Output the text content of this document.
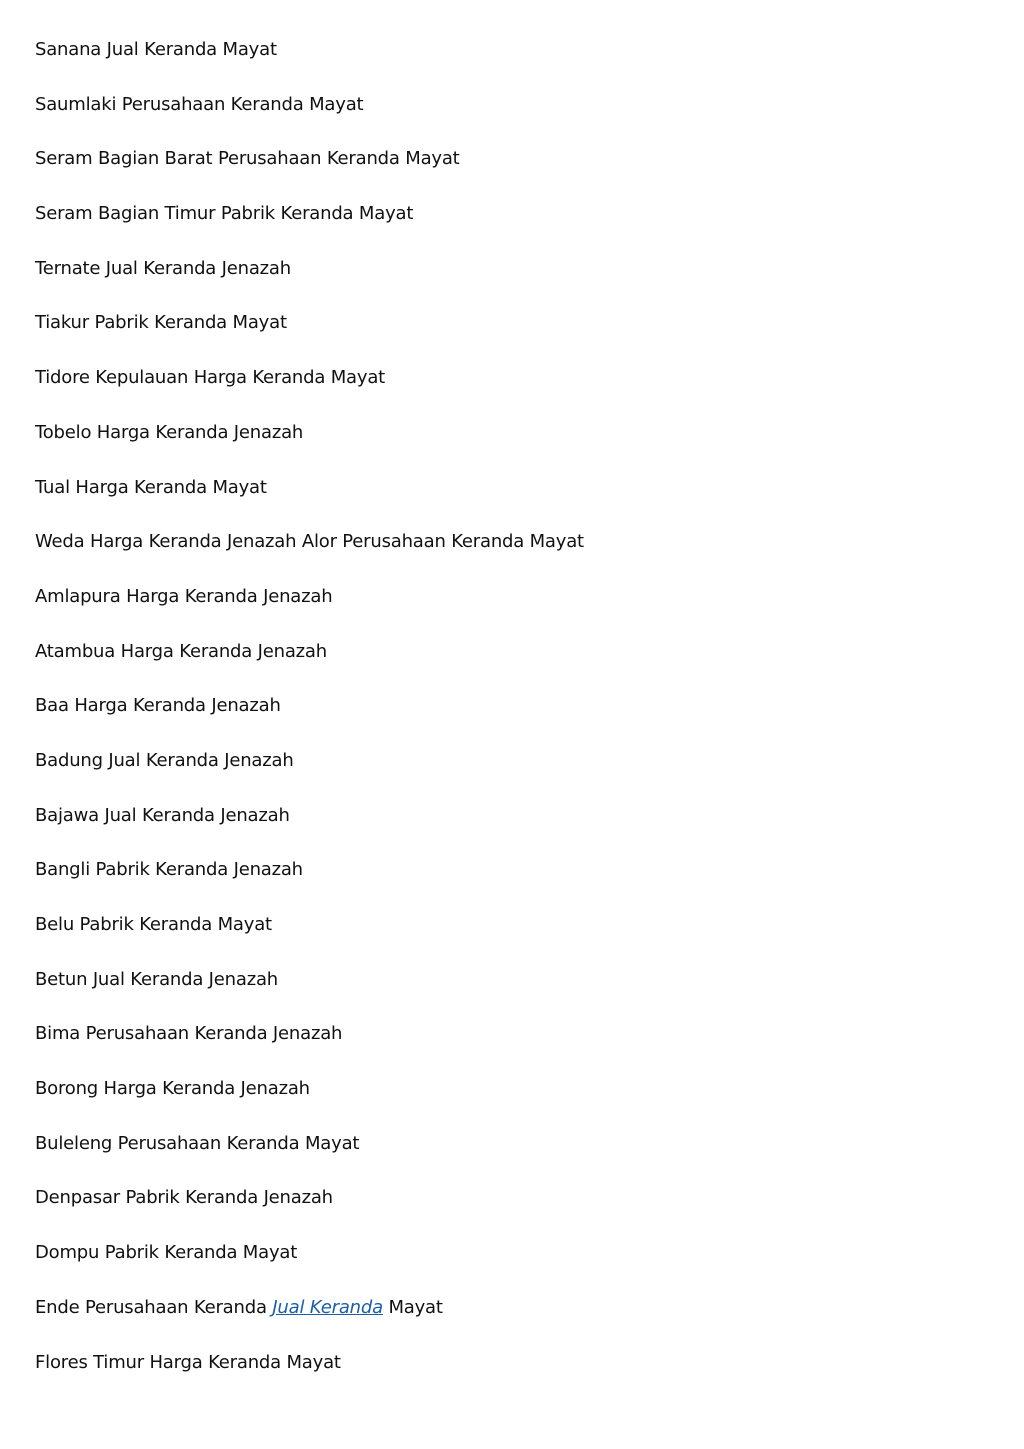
Sanana Jual Keranda Mayat
Saumlaki Perusahaan Keranda Mayat
Seram Bagian Barat Perusahaan Keranda Mayat
Seram Bagian Timur Pabrik Keranda Mayat
Ternate Jual Keranda Jenazah
Tiakur Pabrik Keranda Mayat
Tidore Kepulauan Harga Keranda Mayat
Tobelo Harga Keranda Jenazah
Tual Harga Keranda Mayat
Weda Harga Keranda Jenazah Alor Perusahaan Keranda Mayat
Amlapura Harga Keranda Jenazah
Atambua Harga Keranda Jenazah
Baa Harga Keranda Jenazah
Badung Jual Keranda Jenazah
Bajawa Jual Keranda Jenazah
Bangli Pabrik Keranda Jenazah
Belu Pabrik Keranda Mayat
Betun Jual Keranda Jenazah
Bima Perusahaan Keranda Jenazah
Borong Harga Keranda Jenazah
Buleleng Perusahaan Keranda Mayat
Denpasar Pabrik Keranda Jenazah
Dompu Pabrik Keranda Mayat
Ende Perusahaan Keranda Jual Keranda Mayat
Flores Timur Harga Keranda Mayat
